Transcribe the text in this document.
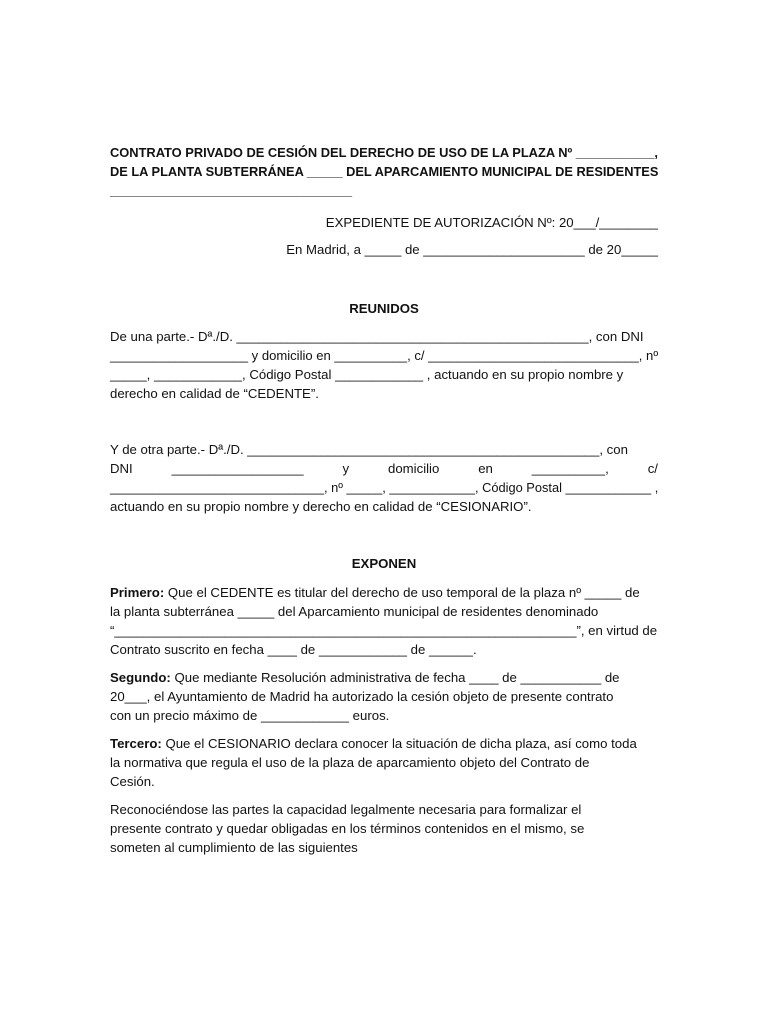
CONTRATO PRIVADO DE CESIÓN DEL DERECHO DE USO DE LA PLAZA Nº ___________,
DE LA PLANTA SUBTERRÁNEA _____ DEL APARCAMIENTO MUNICIPAL DE RESIDENTES
_________________________________

EXPEDIENTE DE AUTORIZACIÓN Nº: 20___/________

En Madrid, a _____ de ______________________ de 20_____

REUNIDOS

De una parte.- Dª./D. ________________________________________________, con DNI
___________________ y domicilio en __________, c/ _____________________________, nº
_____, ____________, Código Postal ____________ , actuando en su propio nombre y
derecho en calidad de “CEDENTE”.
Y de otra parte.- Dª./D. ________________________________________________, con
DNI	__________________	y	domicilio	en	__________,	c/
______________________________, nº _____, ____________, Código Postal ____________ ,
actuando en su propio nombre y derecho en calidad de “CESIONARIO”.

EXPONEN

Primero: Que el CEDENTE es titular del derecho de uso temporal de la plaza nº _____ de
la planta subterránea _____ del Aparcamiento municipal de residentes denominado
“_______________________________________________________________”, en virtud de
Contrato suscrito en fecha ____ de ____________ de ______.
Segundo: Que mediante Resolución administrativa de fecha ____ de ___________ de
20___, el Ayuntamiento de Madrid ha autorizado la cesión objeto de presente contrato
con un precio máximo de ____________ euros.
Tercero: Que el CESIONARIO declara conocer la situación de dicha plaza, así como toda
la normativa que regula el uso de la plaza de aparcamiento objeto del Contrato de
Cesión.
Reconociéndose las partes la capacidad legalmente necesaria para formalizar el
presente contrato y quedar obligadas en los términos contenidos en el mismo, se
someten al cumplimiento de las siguientes
